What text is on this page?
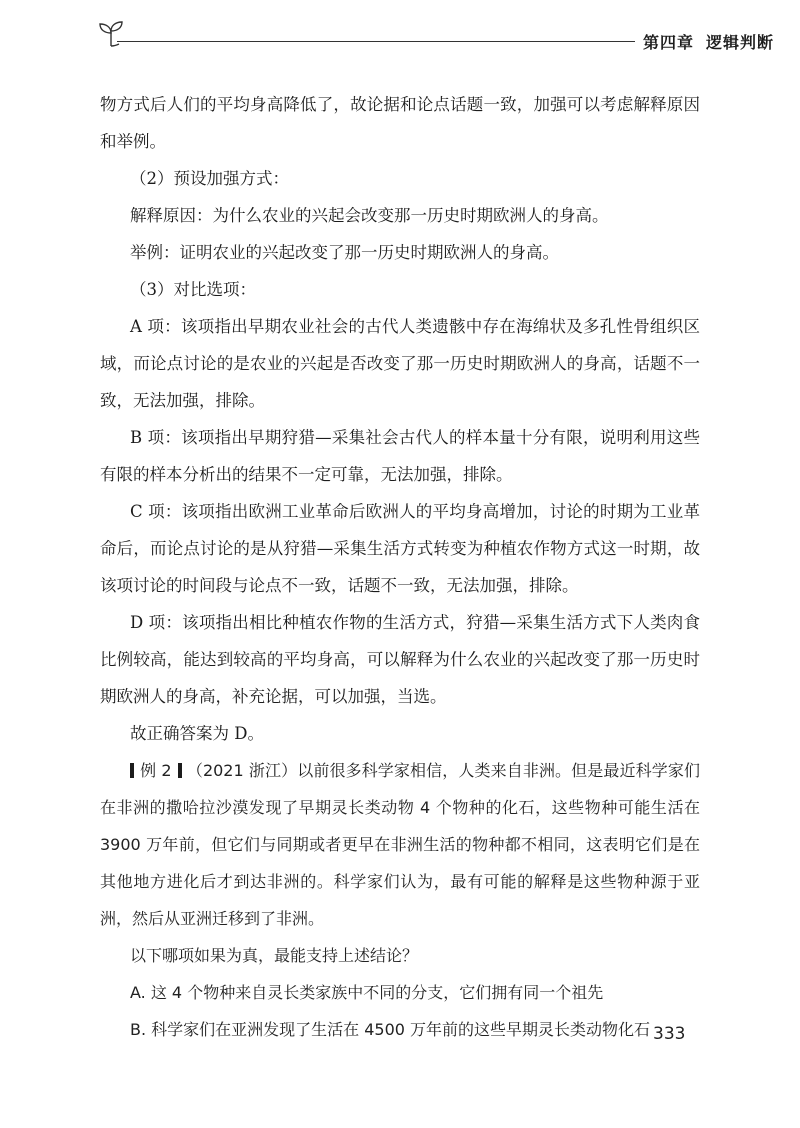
第四章 逻辑判断

物方式后人们的平均身高降低了，故论据和论点话题一致，加强可以考虑解释原因和举例。

（2）预设加强方式：

解释原因：为什么农业的兴起会改变那一历史时期欧洲人的身高。

举例：证明农业的兴起改变了那一历史时期欧洲人的身高。

（3）对比选项：

A 项：该项指出早期农业社会的古代人类遗骸中存在海绵状及多孔性骨组织区域，而论点讨论的是农业的兴起是否改变了那一历史时期欧洲人的身高，话题不一致，无法加强，排除。

B 项：该项指出早期狩猎—采集社会古代人的样本量十分有限，说明利用这些有限的样本分析出的结果不一定可靠，无法加强，排除。

C 项：该项指出欧洲工业革命后欧洲人的平均身高增加，讨论的时期为工业革命后，而论点讨论的是从狩猎—采集生活方式转变为种植农作物方式这一时期，故该项讨论的时间段与论点不一致，话题不一致，无法加强，排除。

D 项：该项指出相比种植农作物的生活方式，狩猎—采集生活方式下人类肉食比例较高，能达到较高的平均身高，可以解释为什么农业的兴起改变了那一历史时期欧洲人的身高，补充论据，可以加强，当选。

故正确答案为 D。

例 2 （2021 浙江）以前很多科学家相信，人类来自非洲。但是最近科学家们在非洲的撒哈拉沙漠发现了早期灵长类动物 4 个物种的化石，这些物种可能生活在 3900 万年前，但它们与同期或者更早在非洲生活的物种都不相同，这表明它们是在其他地方进化后才到达非洲的。科学家们认为，最有可能的解释是这些物种源于亚洲，然后从亚洲迁移到了非洲。

以下哪项如果为真，最能支持上述结论？

A. 这 4 个物种来自灵长类家族中不同的分支，它们拥有同一个祖先

B. 科学家们在亚洲发现了生活在 4500 万年前的这些早期灵长类动物化石 333
